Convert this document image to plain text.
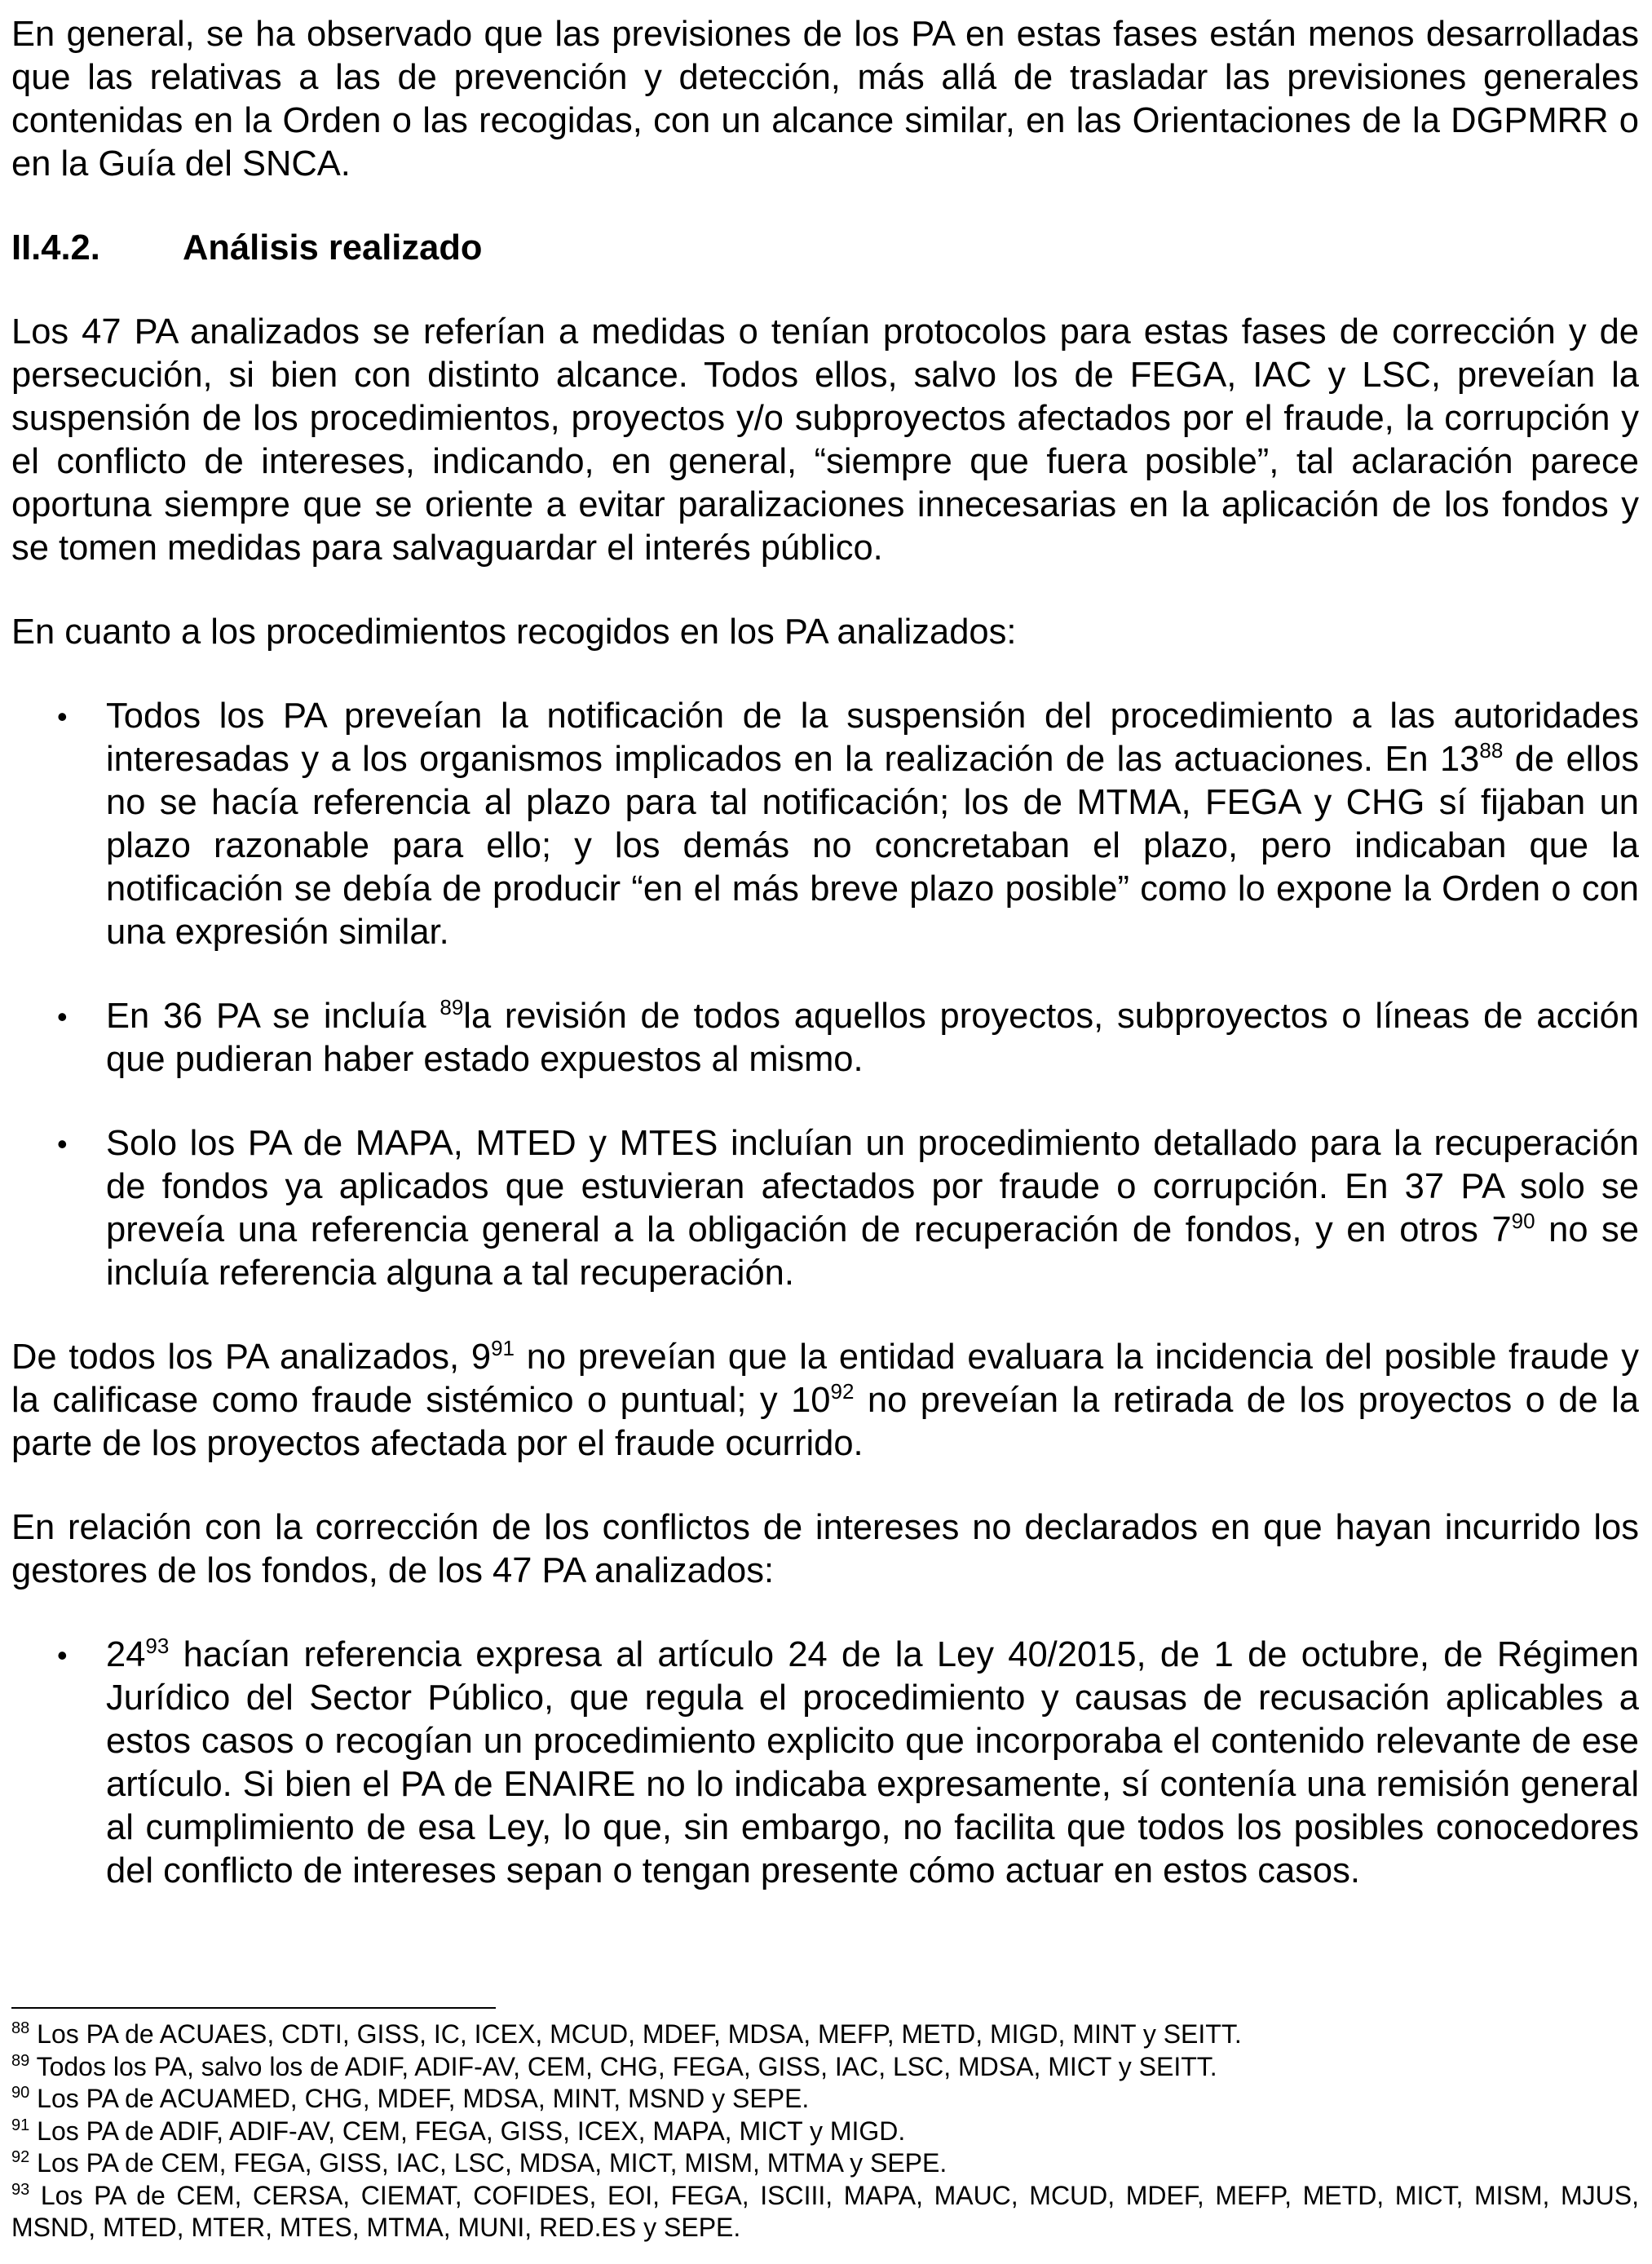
En general, se ha observado que las previsiones de los PA en estas fases están menos desarrolladas que las relativas a las de prevención y detección, más allá de trasladar las previsiones generales contenidas en la Orden o las recogidas, con un alcance similar, en las Orientaciones de la DGPMRR o en la Guía del SNCA.

II.4.2.	Análisis realizado

Los 47 PA analizados se referían a medidas o tenían protocolos para estas fases de corrección y de persecución, si bien con distinto alcance. Todos ellos, salvo los de FEGA, IAC y LSC, preveían la suspensión de los procedimientos, proyectos y/o subproyectos afectados por el fraude, la corrupción y el conflicto de intereses, indicando, en general, “siempre que fuera posible”, tal aclaración parece oportuna siempre que se oriente a evitar paralizaciones innecesarias en la aplicación de los fondos y se tomen medidas para salvaguardar el interés público.

En cuanto a los procedimientos recogidos en los PA analizados:

• Todos los PA preveían la notificación de la suspensión del procedimiento a las autoridades interesadas y a los organismos implicados en la realización de las actuaciones. En $13^{88}$ de ellos no se hacía referencia al plazo para tal notificación; los de MTMA, FEGA y CHG sí fijaban un plazo razonable para ello; y los demás no concretaban el plazo, pero indicaban que la notificación se debía de producir “en el más breve plazo posible” como lo expone la Orden o con una expresión similar.
• En 36 PA se incluía $^{89}$la revisión de todos aquellos proyectos, subproyectos o líneas de acción que pudieran haber estado expuestos al mismo.
• Solo los PA de MAPA, MTED y MTES incluían un procedimiento detallado para la recuperación de fondos ya aplicados que estuvieran afectados por fraude o corrupción. En 37 PA solo se preveía una referencia general a la obligación de recuperación de fondos, y en otros $7^{90}$ no se incluía referencia alguna a tal recuperación.

De todos los PA analizados, $9^{91}$ no preveían que la entidad evaluara la incidencia del posible fraude y la calificase como fraude sistémico o puntual; y $10^{92}$ no preveían la retirada de los proyectos o de la parte de los proyectos afectada por el fraude ocurrido.

En relación con la corrección de los conflictos de intereses no declarados en que hayan incurrido los gestores de los fondos, de los 47 PA analizados:

• $24^{93}$ hacían referencia expresa al artículo 24 de la Ley 40/2015, de 1 de octubre, de Régimen Jurídico del Sector Público, que regula el procedimiento y causas de recusación aplicables a estos casos o recogían un procedimiento explicito que incorporaba el contenido relevante de ese artículo. Si bien el PA de ENAIRE no lo indicaba expresamente, sí contenía una remisión general al cumplimiento de esa Ley, lo que, sin embargo, no facilita que todos los posibles conocedores del conflicto de intereses sepan o tengan presente cómo actuar en estos casos.
$^{88}$ Los PA de ACUAES, CDTI, GISS, IC, ICEX, MCUD, MDEF, MDSA, MEFP, METD, MIGD, MINT y SEITT.
$^{89}$ Todos los PA, salvo los de ADIF, ADIF-AV, CEM, CHG, FEGA, GISS, IAC, LSC, MDSA, MICT y SEITT.
$^{90}$ Los PA de ACUAMED, CHG, MDEF, MDSA, MINT, MSND y SEPE.
$^{91}$ Los PA de ADIF, ADIF-AV, CEM, FEGA, GISS, ICEX, MAPA, MICT y MIGD.
$^{92}$ Los PA de CEM, FEGA, GISS, IAC, LSC, MDSA, MICT, MISM, MTMA y SEPE.
$^{93}$ Los PA de CEM, CERSA, CIEMAT, COFIDES, EOI, FEGA, ISCIII, MAPA, MAUC, MCUD, MDEF, MEFP, METD, MICT, MISM, MJUS, MSND, MTED, MTER, MTES, MTMA, MUNI, RED.ES y SEPE.
